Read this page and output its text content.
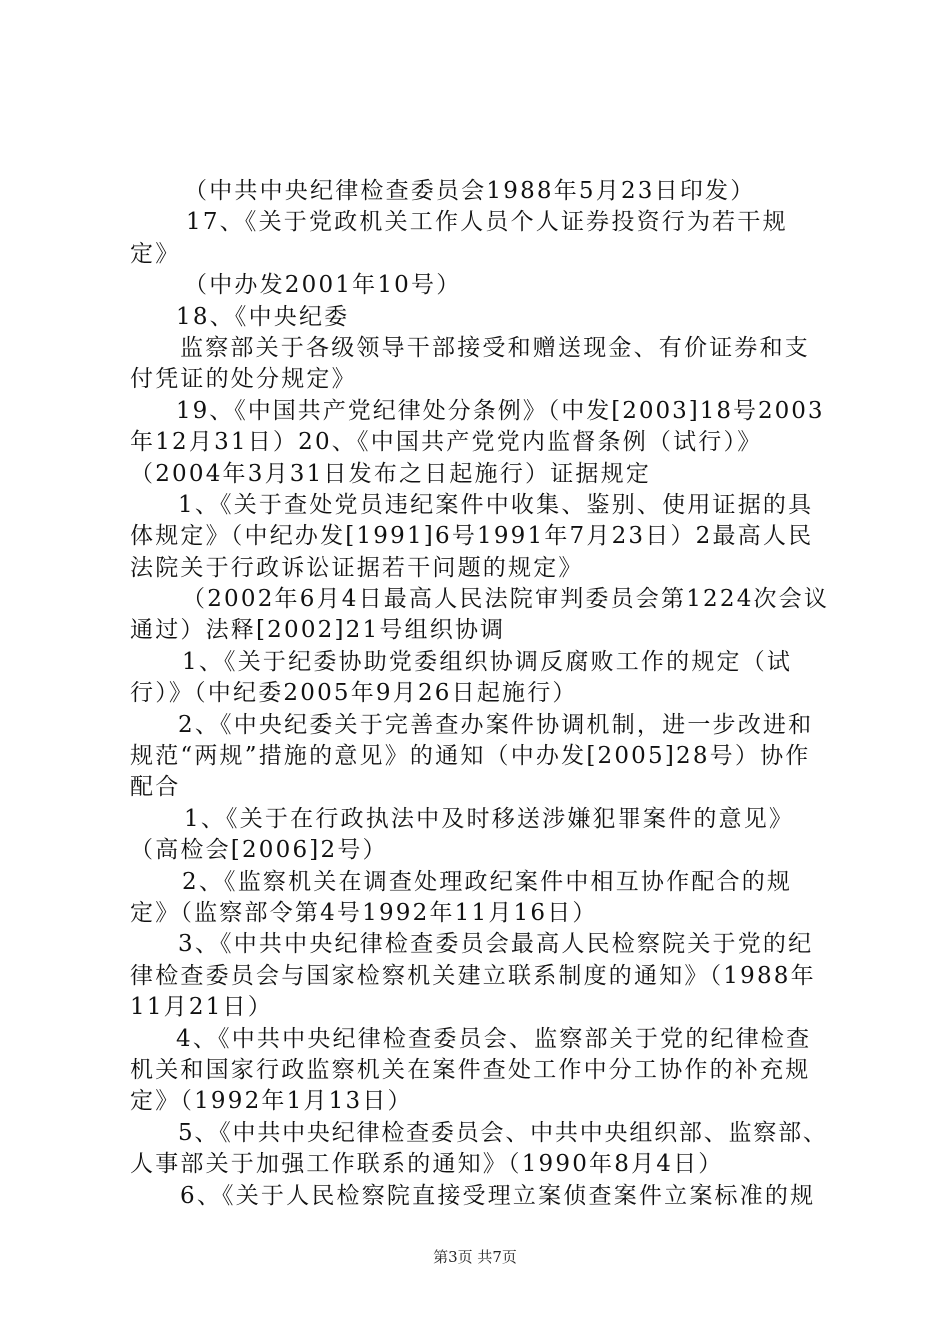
（中共中央纪律检查委员会1988年5月23日印发）
17、《关于党政机关工作人员个人证券投资行为若干规
定》
（中办发2001年10号）
18、《中央纪委
监察部关于各级领导干部接受和赠送现金、有价证券和支
付凭证的处分规定》
19、《中国共产党纪律处分条例》（中发[2003]18号2003
年12月31日）20、《中国共产党党内监督条例（试行）》
（2004年3月31日发布之日起施行）证据规定
1、《关于查处党员违纪案件中收集、鉴别、使用证据的具
体规定》（中纪办发[1991]6号1991年7月23日）2最高人民
法院关于行政诉讼证据若干问题的规定》
（2002年6月4日最高人民法院审判委员会第1224次会议
通过）法释[2002]21号组织协调
1、《关于纪委协助党委组织协调反腐败工作的规定（试
行）》（中纪委2005年9月26日起施行）
2、《中央纪委关于完善查办案件协调机制，进一步改进和
规范“两规”措施的意见》的通知（中办发[2005]28号）协作
配合
1、《关于在行政执法中及时移送涉嫌犯罪案件的意见》
（高检会[2006]2号）
2、《监察机关在调查处理政纪案件中相互协作配合的规
定》（监察部令第4号1992年11月16日）
3、《中共中央纪律检查委员会最高人民检察院关于党的纪
律检查委员会与国家检察机关建立联系制度的通知》（1988年
11月21日）
4、《中共中央纪律检查委员会、监察部关于党的纪律检查
机关和国家行政监察机关在案件查处工作中分工协作的补充规
定》（1992年1月13日）
5、《中共中央纪律检查委员会、中共中央组织部、监察部、
人事部关于加强工作联系的通知》（1990年8月4日）
6、《关于人民检察院直接受理立案侦查案件立案标准的规
第3页 共7页
